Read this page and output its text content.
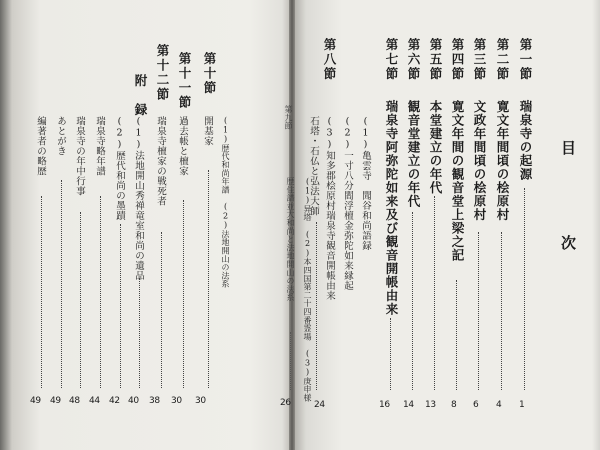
目
次
第一節
瑞泉寺の起源
1
第二節
寛文年間頃の桧原村
4
第三節
文政年間頃の桧原村
6
第四節
寛文年間の観音堂上梁之記
8
第五節
本堂建立の年代
13
第六節
観音堂建立の年代
14
第七節
瑞泉寺阿弥陀如来及び観音開帳由来
16
第八節
(1)亀雲寺　聞谷和尚語録
(2)一寸八分閻浮檀金弥陀如来縁起
(3)知多郡桧原村瑞泉寺観音開帳由来
石塔・石仏と弘法大師
24
第九節
(1)异塔　(2)本四国第二十四番霊場　(3)庚申様
歴住譜並大和尚と法地開山の法系
26
第十節
(1)歴代和尚年譜　(2)法地開山の法系
開基家
30
第十一節
過去帳と檀家
30
第十二節
瑞泉寺檀家の戦死者
38
附　録
(1)法地開山秀禅竜室和尚の遺品
40
(2)歴代和尚の墨蹟
42
瑞泉寺略年譜
44
瑞泉寺の年中行事
48
あとがき
49
編著者の略歴
49
